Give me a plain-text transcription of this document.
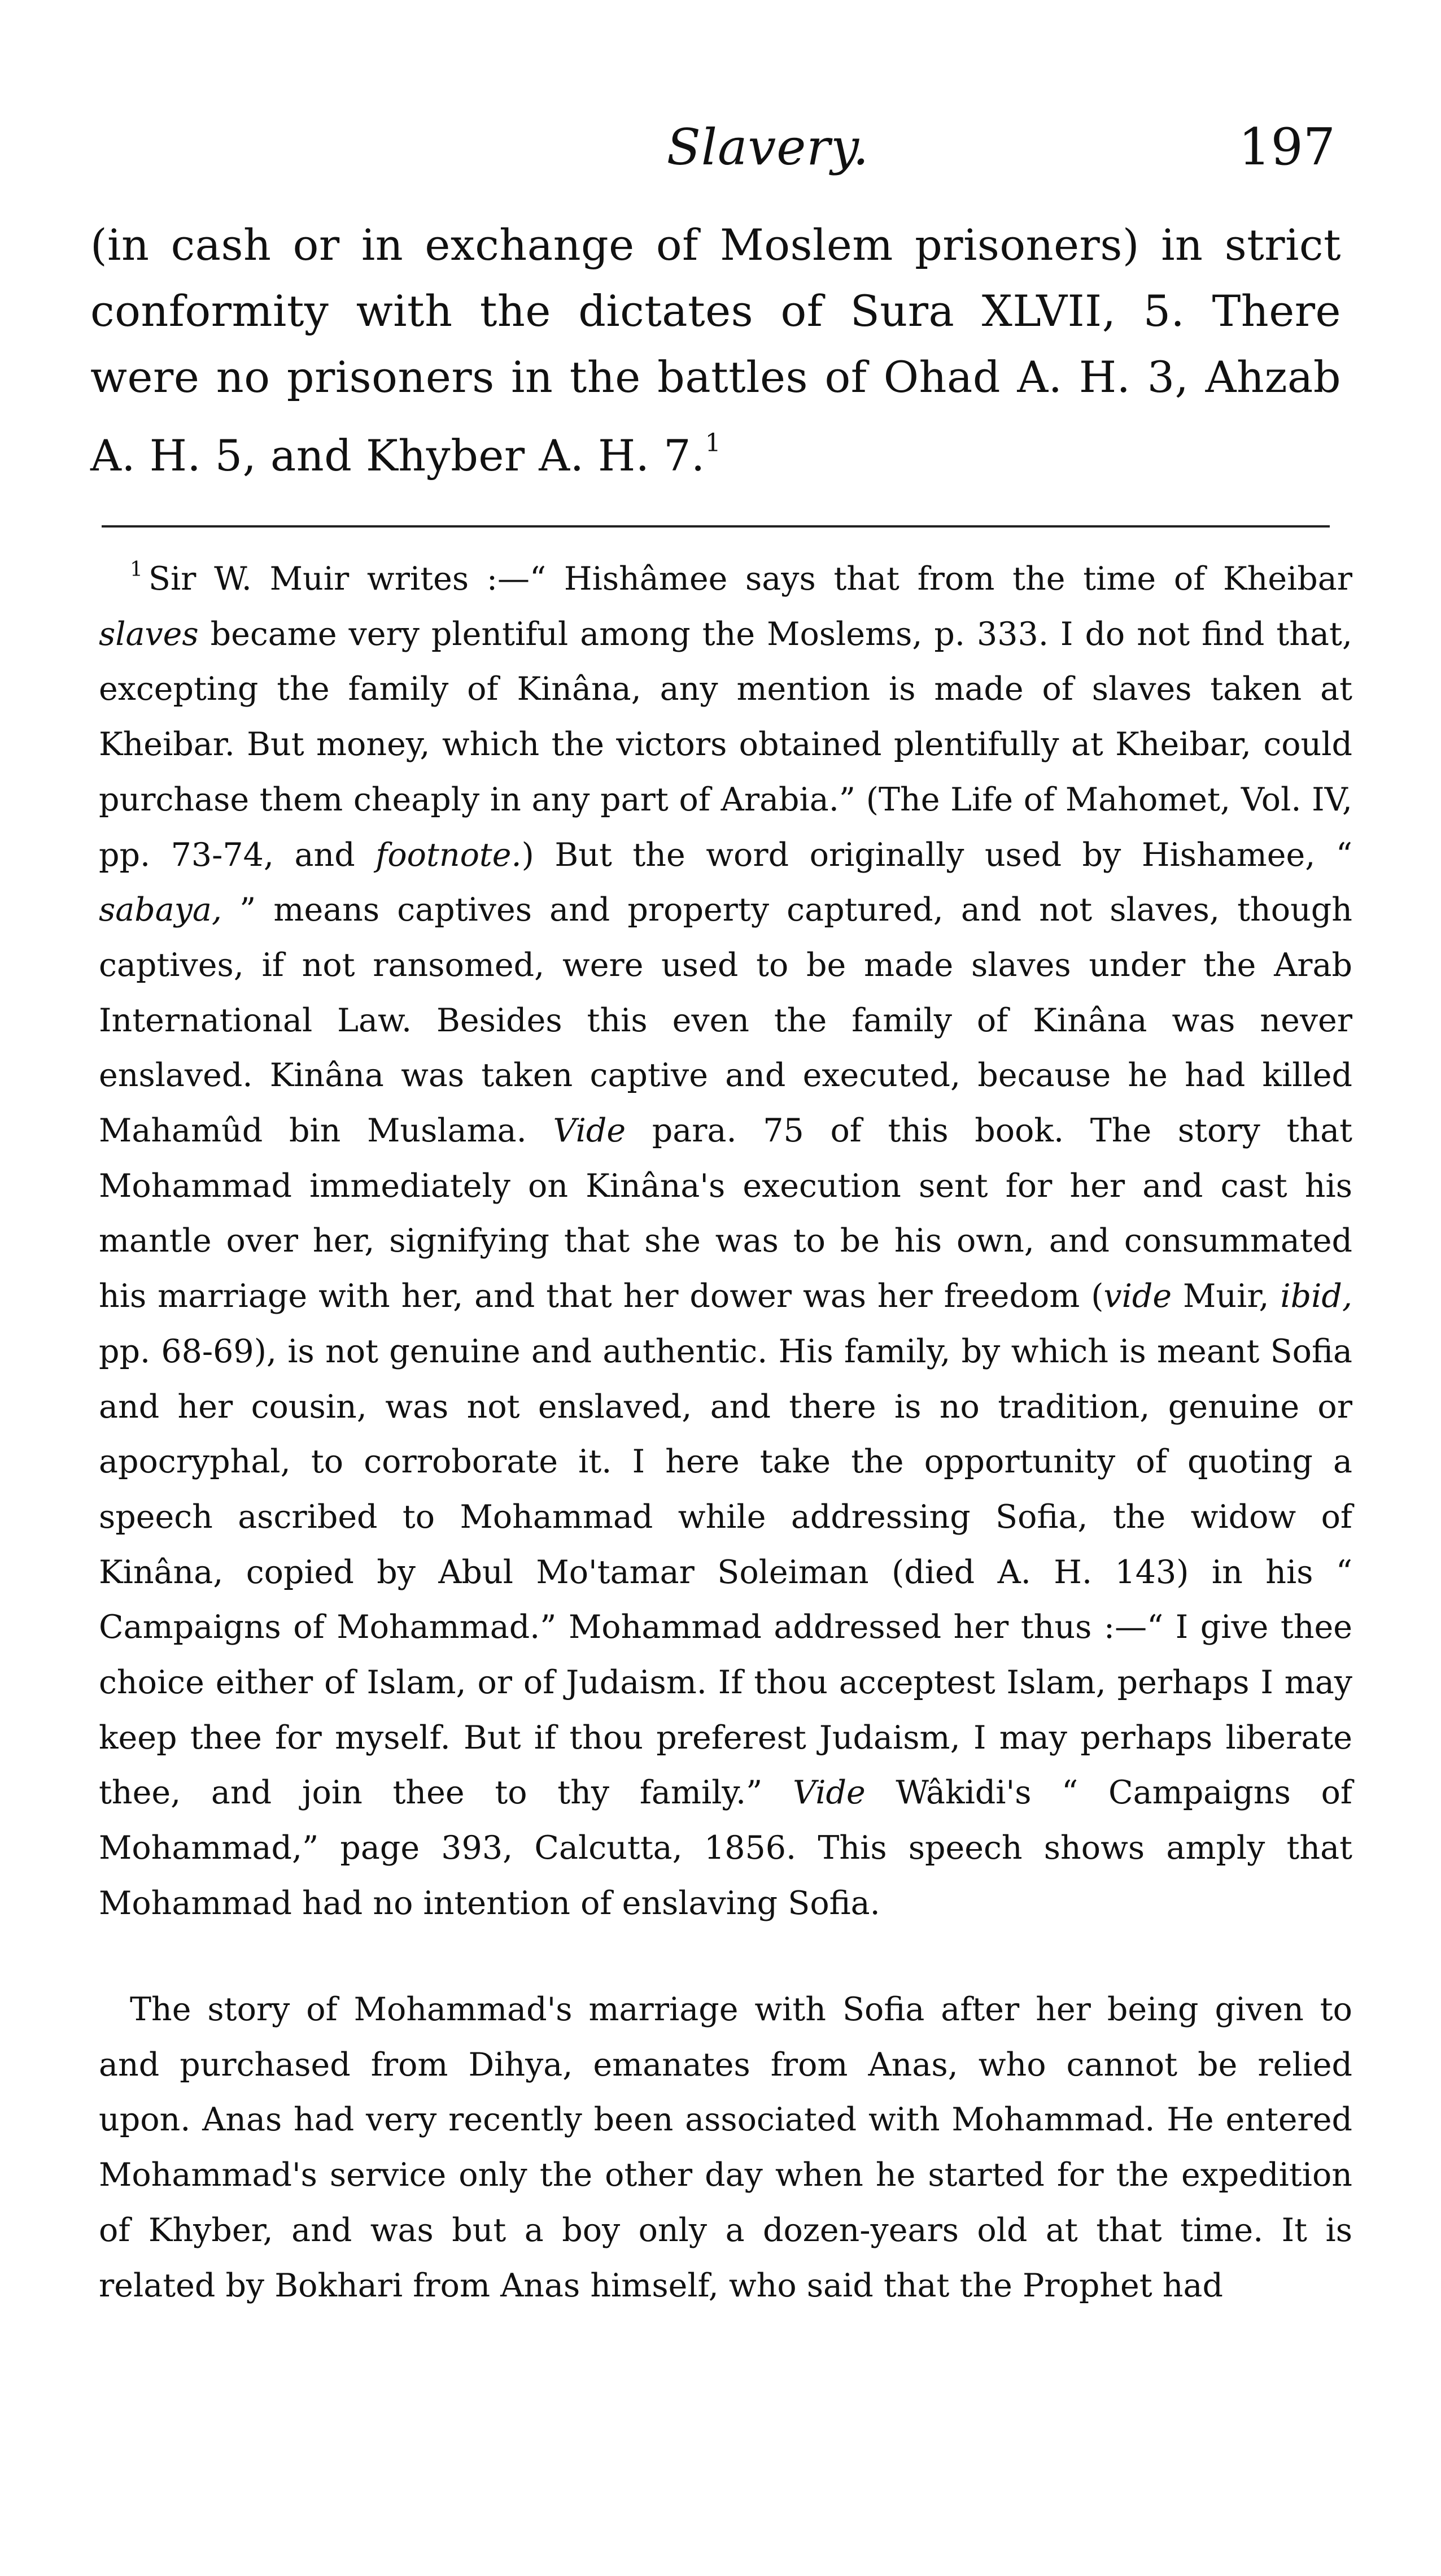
Slavery.	197
(in cash or in exchange of Moslem prisoners) in strict conformity with the dictates of Sura XLVII, 5. There were no prisoners in the battles of Ohad A. H. 3, Ahzab A. H. 5, and Khyber A. H. 7.$^1$
$^1$ Sir W. Muir writes :—“ Hishâmee says that from the time of Kheibar slaves became very plentiful among the Moslems, p. 333. I do not find that, excepting the family of Kinâna, any mention is made of slaves taken at Kheibar. But money, which the victors obtained plentifully at Kheibar, could purchase them cheaply in any part of Arabia.” (The Life of Mahomet, Vol. IV, pp. 73-74, and footnote.) But the word originally used by Hishamee, “ sabaya, ” means captives and property captured, and not slaves, though captives, if not ransomed, were used to be made slaves under the Arab International Law. Besides this even the family of Kinâna was never enslaved. Kinâna was taken captive and executed, because he had killed Mahamûd bin Muslama. Vide para. 75 of this book. The story that Mohammad immediately on Kinâna's execution sent for her and cast his mantle over her, signifying that she was to be his own, and consummated his marriage with her, and that her dower was her freedom (vide Muir, ibid, pp. 68-69), is not genuine and authentic. His family, by which is meant Sofia and her cousin, was not enslaved, and there is no tradition, genuine or apocryphal, to corroborate it. I here take the opportunity of quoting a speech ascribed to Mohammad while addressing Sofia, the widow of Kinâna, copied by Abul Mo'tamar Soleiman (died A. H. 143) in his “ Campaigns of Mohammad.” Mohammad addressed her thus :—“ I give thee choice either of Islam, or of Judaism. If thou acceptest Islam, perhaps I may keep thee for myself. But if thou preferest Judaism, I may perhaps liberate thee, and join thee to thy family.” Vide Wâkidi's “ Campaigns of Mohammad,” page 393, Calcutta, 1856. This speech shows amply that Mohammad had no intention of enslaving Sofia.
The story of Mohammad's marriage with Sofia after her being given to and purchased from Dihya, emanates from Anas, who cannot be relied upon. Anas had very recently been associated with Mohammad. He entered Mohammad's service only the other day when he started for the expedition of Khyber, and was but a boy only a dozen-years old at that time. It is related by Bokhari from Anas himself, who said that the Prophet had
